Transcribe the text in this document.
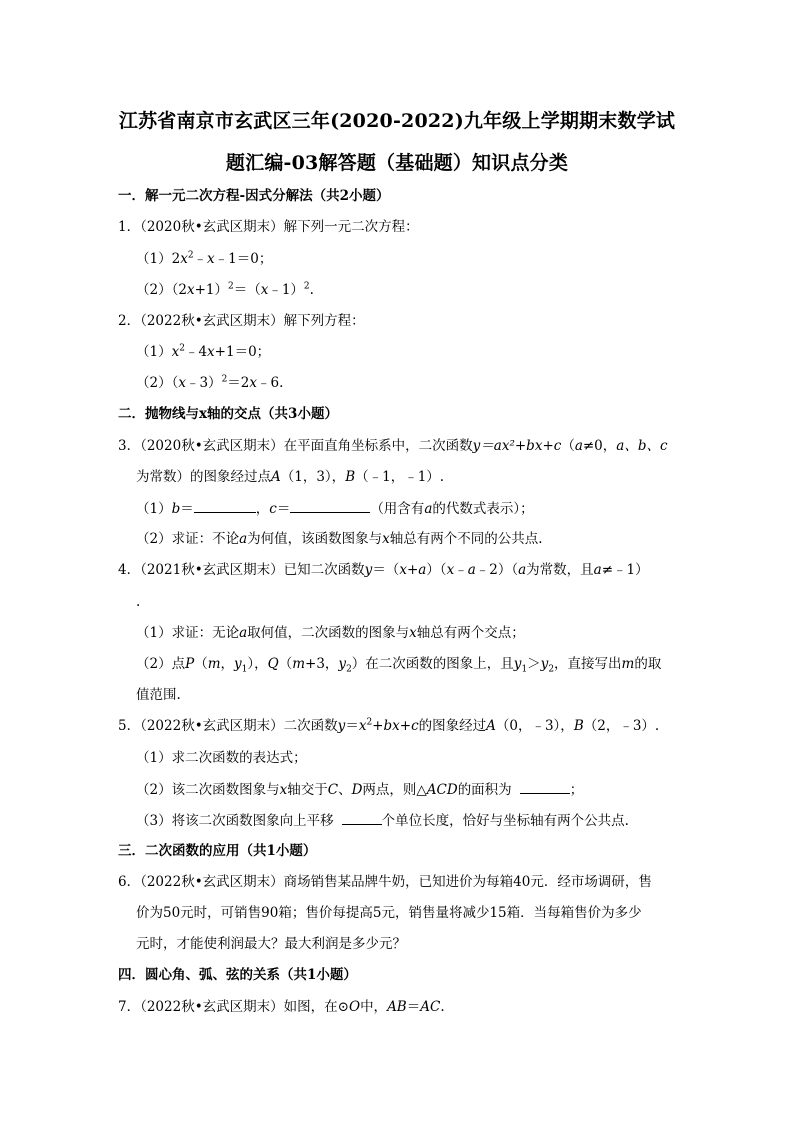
江苏省南京市玄武区三年(2020-2022)九年级上学期期末数学试
题汇编-03解答题（基础题）知识点分类
一．解一元二次方程-因式分解法（共2小题）
1．（2020秋•玄武区期末）解下列一元二次方程：
$(1)2x^2﹣x﹣1=0$；
$(2)(2x+1)^2=(x﹣1)^2$.
2．（2022秋•玄武区期末）解下列方程：
$(1)x^2﹣4x+1=0$；
（2）（x﹣3）$^2$＝2x﹣6.
二．抛物线与x轴的交点（共3小题）
3．（2020秋•玄武区期末）在平面直角坐标系中，二次函数y＝ax²+bx+c（a≠0，a、b、c
为常数）的图象经过点A（1，3），B（﹣1，﹣1）.
（1）b＝	，c＝	（用含有a的代数式表示）；
（2）求证：不论a为何值，该函数图象与x轴总有两个不同的公共点.
4．（2021秋•玄武区期末）已知二次函数y＝（x+a）（x﹣a﹣2）（a为常数，且a≠﹣1）
.
（1）求证：无论a取何值，二次函数的图象与x轴总有两个交点；
（2）点P（m，$y_1$），Q（m+3，$y_2$）在二次函数的图象上，且$y_1>y_2$，直接写出m的取
值范围.
5．（2022秋•玄武区期末）二次函数$y=x^2+bx+c$的图象经过A（0，﹣3），B（2，﹣3）.
（1）求二次函数的表达式；
（2）该二次函数图象与x轴交于C、D两点，则△ACD的面积为	；
（3）将该二次函数图象向上平移	个单位长度，恰好与坐标轴有两个公共点.
三．二次函数的应用（共1小题）
6．（2022秋•玄武区期末）商场销售某品牌牛奶，已知进价为每箱40元．经市场调研，售
价为50元时，可销售90箱；售价每提高5元，销售量将减少15箱．当每箱售价为多少
元时，才能使利润最大？最大利润是多少元？
四．圆心角、弧、弦的关系（共1小题）
7．（2022秋•玄武区期末）如图，在⊙O中，AB＝AC.
